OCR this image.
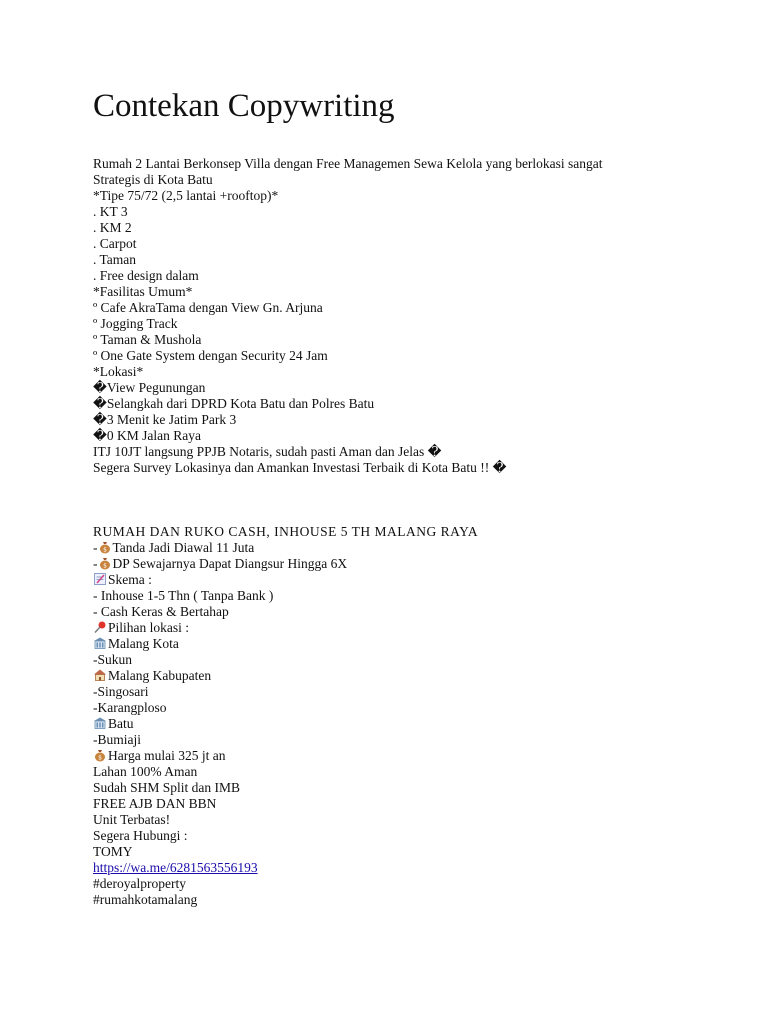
Contekan Copywriting
Rumah 2 Lantai Berkonsep Villa dengan Free Managemen Sewa Kelola yang berlokasi sangat
Strategis di Kota Batu
*Tipe 75/72 (2,5 lantai +rooftop)*
. KT 3
. KM 2
. Carpot
. Taman
. Free design dalam
*Fasilitas Umum*
º Cafe AkraTama dengan View Gn. Arjuna
º Jogging Track
º Taman & Mushola
º One Gate System dengan Security 24 Jam
*Lokasi*
�View Pegunungan
�Selangkah dari DPRD Kota Batu dan Polres Batu
�3 Menit ke Jatim Park 3
�0 KM Jalan Raya
ITJ 10JT langsung PPJB Notaris, sudah pasti Aman dan Jelas �
Segera Survey Lokasinya dan Amankan Investasi Terbaik di Kota Batu !! �
RUMAH DAN RUKO CASH, INHOUSE 5 TH MALANG RAYA
- $ Tanda Jadi Diawal 11 Juta
- $ DP Sewajarnya Dapat Diangsur Hingga 6X
Skema :
- Inhouse 1-5 Thn ( Tanpa Bank )
- Cash Keras & Bertahap
Pilihan lokasi :
Malang Kota
-Sukun
Malang Kabupaten
-Singosari
-Karangploso
Batu
-Bumiaji
$ Harga mulai 325 jt an
Lahan 100% Aman
Sudah SHM Split dan IMB
FREE AJB DAN BBN
Unit Terbatas!
Segera Hubungi :
TOMY
https://wa.me/6281563556193
#deroyalproperty
#rumahkotamalang
